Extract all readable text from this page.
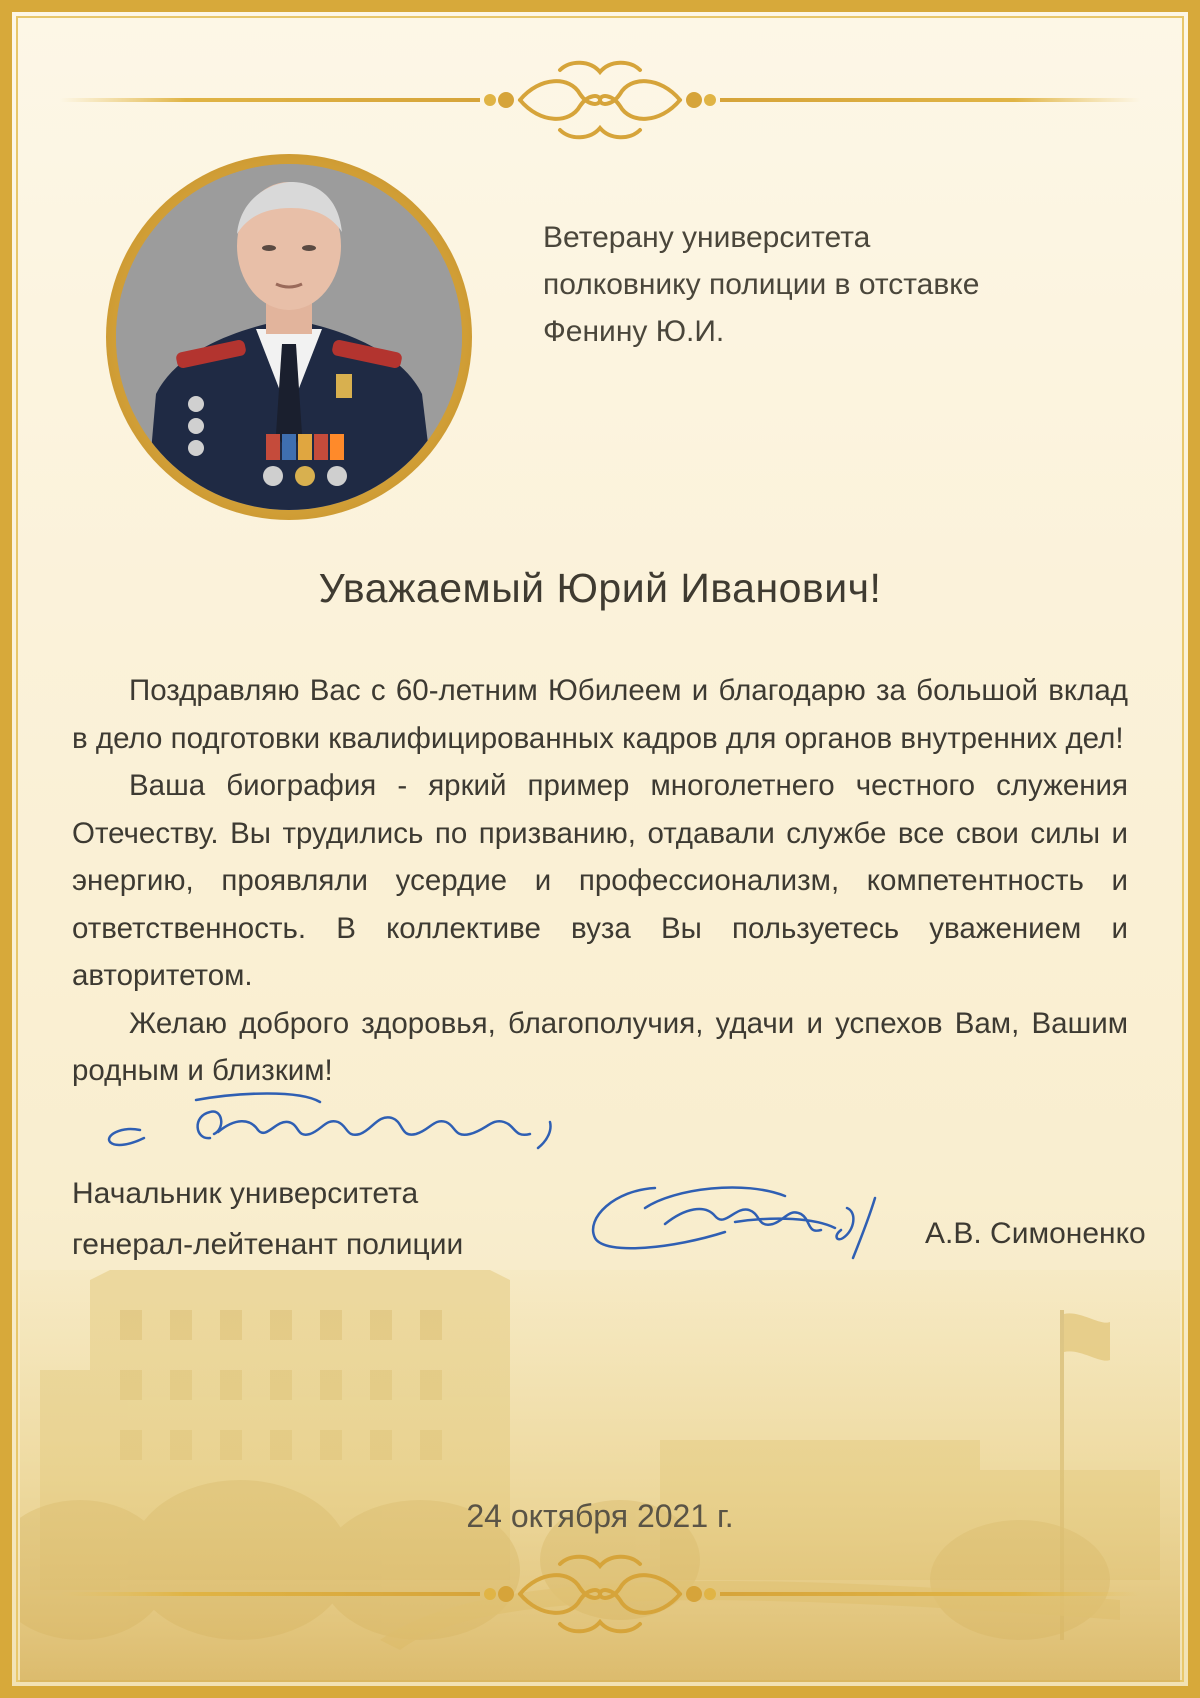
Ветерану университета
полковнику полиции в отставке
Фенину Ю.И.
Уважаемый Юрий Иванович!

Поздравляю Вас с 60-летним Юбилеем и благодарю за большой вклад в дело подготовки квалифицированных кадров для органов внутренних дел!

Ваша биография - яркий пример многолетнего честного служения Отечеству. Вы трудились по призванию, отдавали службе все свои силы и энергию, проявляли усердие и профессионализм, компетентность и ответственность. В коллективе вуза Вы пользуетесь уважением и авторитетом.

Желаю доброго здоровья, благополучия, удачи и успехов Вам, Вашим родным и близким!

Начальник университета
генерал-лейтенант полиции	А.В. Симоненко
24 октября 2021 г.
